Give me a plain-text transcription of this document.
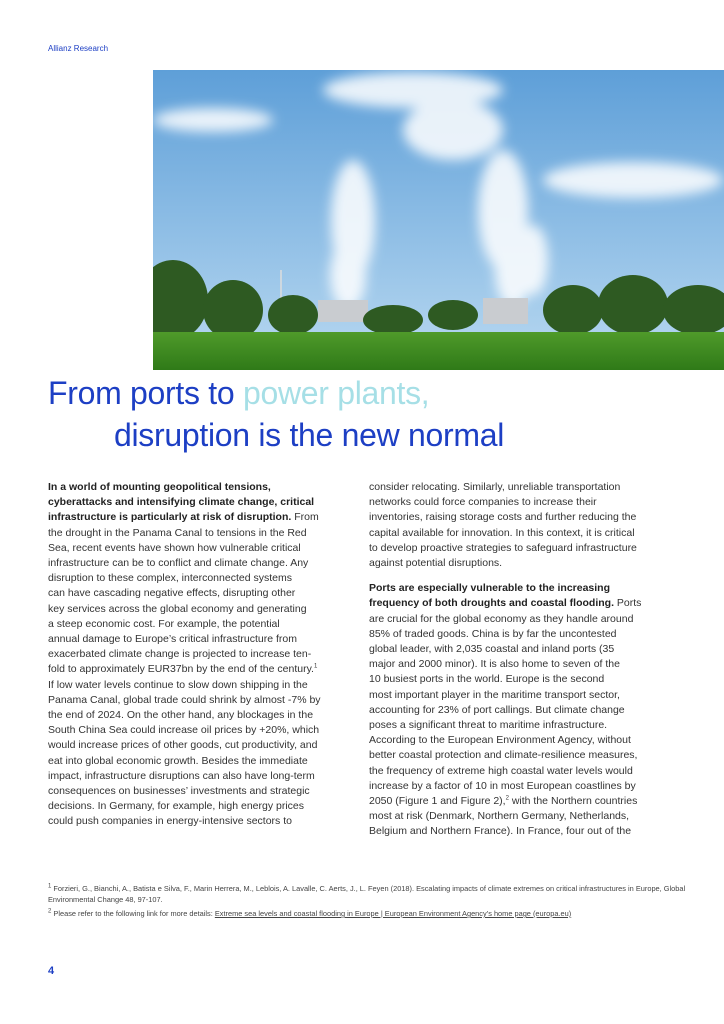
Allianz Research
From ports to power plants,
disruption is the new normal
In a world of mounting geopolitical tensions,
cyberattacks and intensifying climate change, critical
infrastructure is particularly at risk of disruption. From
the drought in the Panama Canal to tensions in the Red
Sea, recent events have shown how vulnerable critical
infrastructure can be to conflict and climate change. Any
disruption to these complex, interconnected systems
can have cascading negative effects, disrupting other
key services across the global economy and generating
a steep economic cost. For example, the potential
annual damage to Europe’s critical infrastructure from
exacerbated climate change is projected to increase ten-
fold to approximately EUR37bn by the end of the century.$^1$
If low water levels continue to slow down shipping in the
Panama Canal, global trade could shrink by almost -7% by
the end of 2024. On the other hand, any blockages in the
South China Sea could increase oil prices by +20%, which
would increase prices of other goods, cut productivity, and
eat into global economic growth. Besides the immediate
impact, infrastructure disruptions can also have long-term
consequences on businesses’ investments and strategic
decisions. In Germany, for example, high energy prices
could push companies in energy-intensive sectors to
consider relocating. Similarly, unreliable transportation
networks could force companies to increase their
inventories, raising storage costs and further reducing the
capital available for innovation. In this context, it is critical
to develop proactive strategies to safeguard infrastructure
against potential disruptions.
Ports are especially vulnerable to the increasing
frequency of both droughts and coastal flooding. Ports
are crucial for the global economy as they handle around
85% of traded goods. China is by far the uncontested
global leader, with 2,035 coastal and inland ports (35
major and 2000 minor). It is also home to seven of the
10 busiest ports in the world. Europe is the second
most important player in the maritime transport sector,
accounting for 23% of port callings. But climate change
poses a significant threat to maritime infrastructure.
According to the European Environment Agency, without
better coastal protection and climate-resilience measures,
the frequency of extreme high coastal water levels would
increase by a factor of 10 in most European coastlines by
2050 (Figure 1 and Figure 2),$^2$ with the Northern countries
most at risk (Denmark, Northern Germany, Netherlands,
Belgium and Northern France). In France, four out of the

$^1$ Forzieri, G., Bianchi, A., Batista e Silva, F., Marin Herrera, M., Leblois, A. Lavalle, C. Aerts, J., L. Feyen (2018). Escalating impacts of climate extremes on critical infrastructures in Europe, Global Environmental Change 48, 97-107.

$^2$ Please refer to the following link for more details: Extreme sea levels and coastal flooding in Europe | European Environment Agency’s home page (europa.eu)

4
